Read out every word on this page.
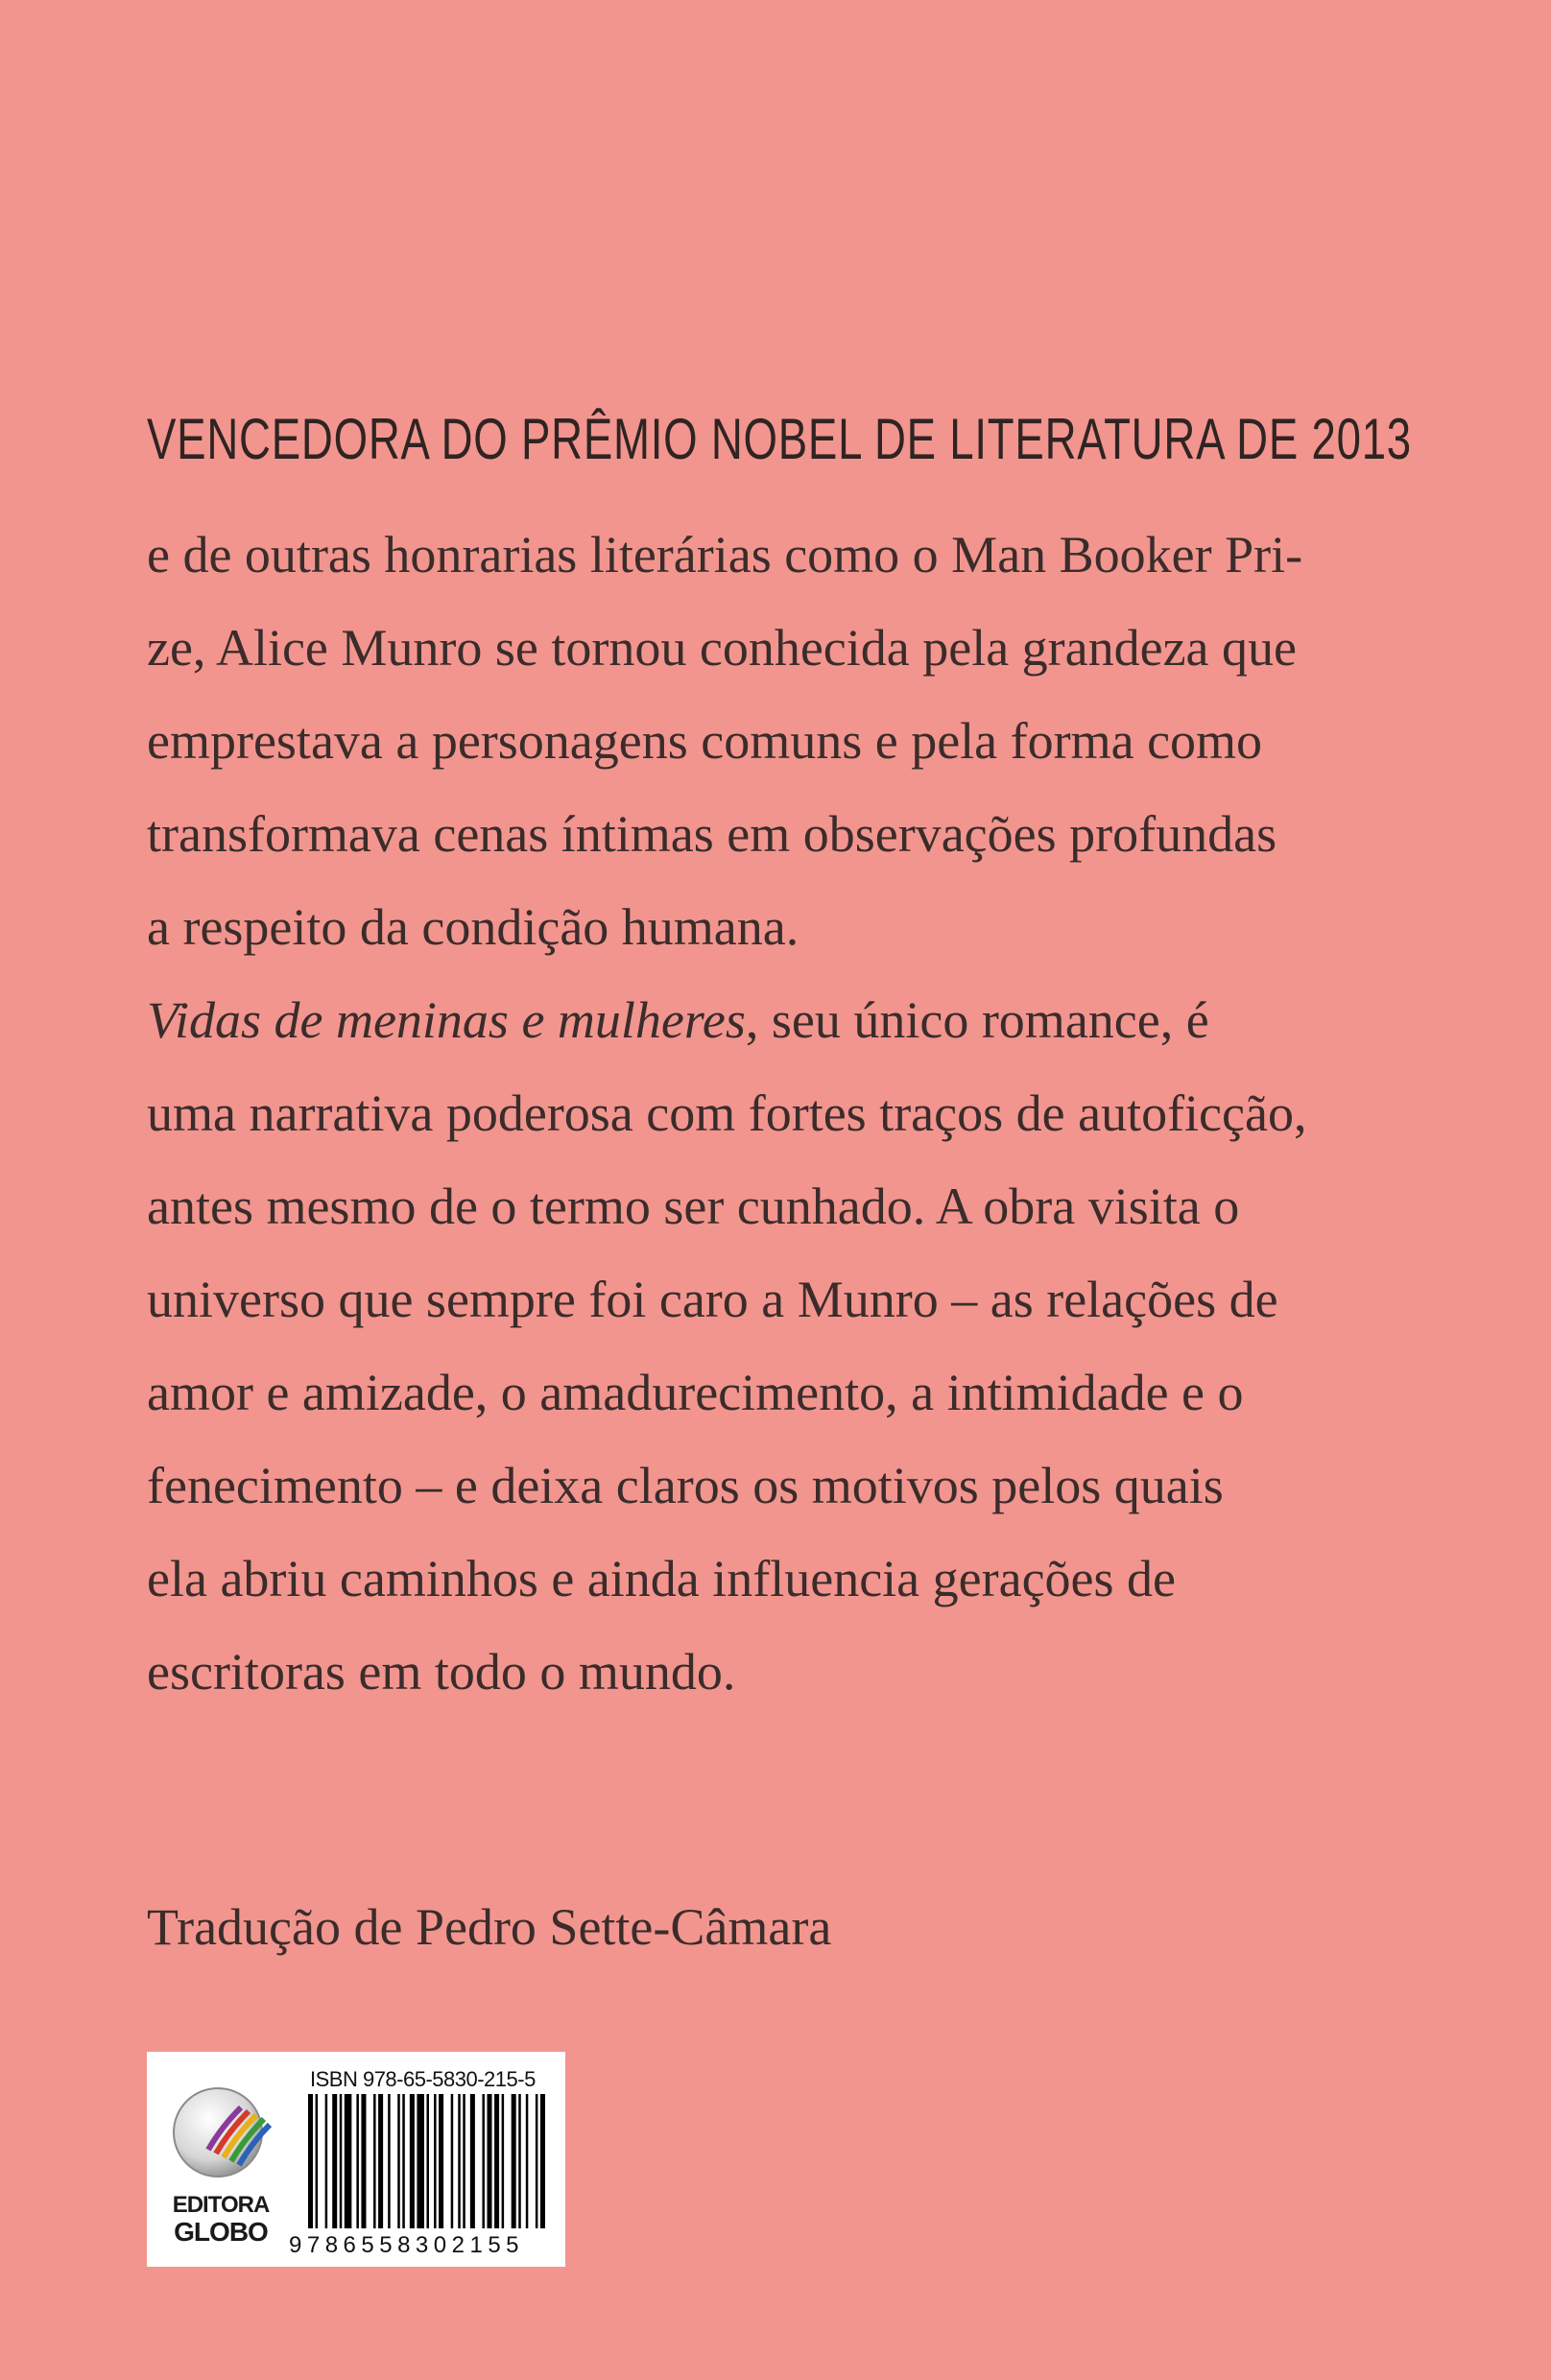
VENCEDORA DO PRÊMIO NOBEL DE LITERATURA DE 2013
e de outras honrarias literárias como o Man Booker Pri-
ze, Alice Munro se tornou conhecida pela grandeza que
emprestava a personagens comuns e pela forma como
transformava cenas íntimas em observações profundas
a respeito da condição humana.
Vidas de meninas e mulheres, seu único romance, é
uma narrativa poderosa com fortes traços de autoficção,
antes mesmo de o termo ser cunhado. A obra visita o
universo que sempre foi caro a Munro – as relações de
amor e amizade, o amadurecimento, a intimidade e o
fenecimento – e deixa claros os motivos pelos quais
ela abriu caminhos e ainda influencia gerações de
escritoras em todo o mundo.
Tradução de Pedro Sette-Câmara
EDITORA
GLOBO
ISBN 978-65-5830-215-5
9786558302155
